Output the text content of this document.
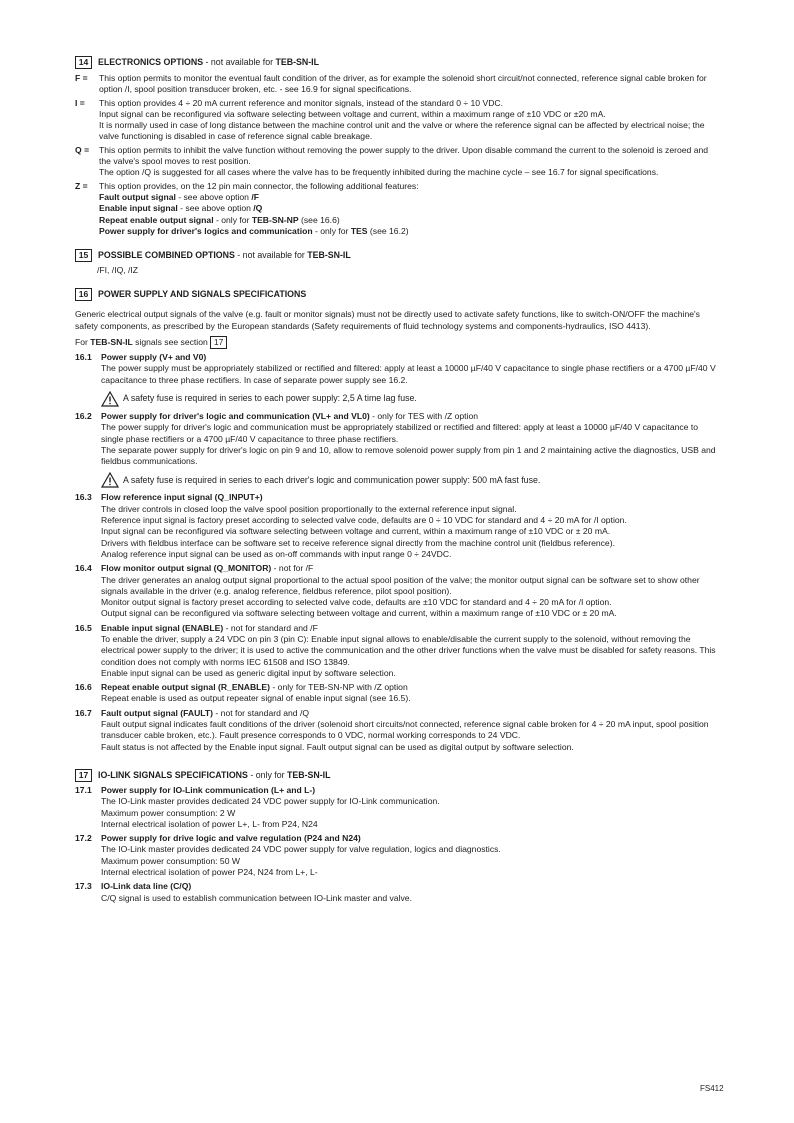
14	ELECTRONICS OPTIONS - not available for TEB-SN-IL
F =	This option permits to monitor the eventual fault condition of the driver, as for example the solenoid short circuit/not connected, reference signal cable broken for option /I, spool position transducer broken, etc. - see 16.9 for signal specifications.

I =	This option provides 4 ÷ 20 mA current reference and monitor signals, instead of the standard 0 ÷ 10 VDC.

Input signal can be reconfigured via software selecting between voltage and current, within a maximum range of ±10 VDC or ±20 mA.

It is normally used in case of long distance between the machine control unit and the valve or where the reference signal can be affected by electrical noise; the valve functioning is disabled in case of reference signal cable breakage.

Q =	This option permits to inhibit the valve function without removing the power supply to the driver. Upon disable command the current to the solenoid is zeroed and the valve's spool moves to rest position.

The option /Q is suggested for all cases where the valve has to be frequently inhibited during the machine cycle – see 16.7 for signal specifications.

Z =	This option provides, on the 12 pin main connector, the following additional features:

Fault output signal - see above option /F

Enable input signal - see above option /Q

Repeat enable output signal - only for TEB-SN-NP (see 16.6)

Power supply for driver's logics and communication - only for TES (see 16.2)

15	POSSIBLE COMBINED OPTIONS - not available for TEB-SN-IL

/FI, /IQ, /IZ

16	POWER SUPPLY AND SIGNALS SPECIFICATIONS

Generic electrical output signals of the valve (e.g. fault or monitor signals) must not be directly used to activate safety functions, like to switch-ON/OFF the machine's safety components, as prescribed by the European standards (Safety requirements of fluid technology systems and components-hydraulics, ISO 4413).

For TEB-SN-IL signals see section 17

16.1	Power supply (V+ and V0)

The power supply must be appropriately stabilized or rectified and filtered: apply at least a 10000 µF/40 V capacitance to single phase rectifiers or a 4700 µF/40 V capacitance to three phase rectifiers. In case of separate power supply see 16.2.

A safety fuse is required in series to each power supply: 2,5 A time lag fuse.
16.2	Power supply for driver's logic and communication (VL+ and VL0) - only for TES with /Z option

The power supply for driver's logic and communication must be appropriately stabilized or rectified and filtered: apply at least a 10000 µF/40 V capacitance to single phase rectifiers or a 4700 µF/40 V capacitance to three phase rectifiers.

The separate power supply for driver's logic on pin 9 and 10, allow to remove solenoid power supply from pin 1 and 2 maintaining active the diagnostics, USB and fieldbus communications.

A safety fuse is required in series to each driver's logic and communication power supply: 500 mA fast fuse.
16.3	Flow reference input signal (Q_INPUT+)

The driver controls in closed loop the valve spool position proportionally to the external reference input signal.

Reference input signal is factory preset according to selected valve code, defaults are 0 ÷ 10 VDC for standard and 4 ÷ 20 mA for /I option.

Input signal can be reconfigured via software selecting between voltage and current, within a maximum range of ±10 VDC or ± 20 mA.

Drivers with fieldbus interface can be software set to receive reference signal directly from the machine control unit (fieldbus reference).

Analog reference input signal can be used as on-off commands with input range 0 ÷ 24VDC.

16.4	Flow monitor output signal (Q_MONITOR) - not for /F

The driver generates an analog output signal proportional to the actual spool position of the valve; the monitor output signal can be software set to show other signals available in the driver (e.g. analog reference, fieldbus reference, pilot spool position).

Monitor output signal is factory preset according to selected valve code, defaults are ±10 VDC for standard and 4 ÷ 20 mA for /I option.

Output signal can be reconfigured via software selecting between voltage and current, within a maximum range of ±10 VDC or ± 20 mA.

16.5	Enable input signal (ENABLE) - not for standard and /F

To enable the driver, supply a 24 VDC on pin 3 (pin C): Enable input signal allows to enable/disable the current supply to the solenoid, without removing the electrical power supply to the driver; it is used to active the communication and the other driver functions when the valve must be disabled for safety reasons. This condition does not comply with norms IEC 61508 and ISO 13849.

Enable input signal can be used as generic digital input by software selection.

16.6	Repeat enable output signal (R_ENABLE) - only for TEB-SN-NP with /Z option

Repeat enable is used as output repeater signal of enable input signal (see 16.5).

16.7	Fault output signal (FAULT) - not for standard and /Q

Fault output signal indicates fault conditions of the driver (solenoid short circuits/not connected, reference signal cable broken for 4 ÷ 20 mA input, spool position transducer cable broken, etc.). Fault presence corresponds to 0 VDC, normal working corresponds to 24 VDC.

Fault status is not affected by the Enable input signal. Fault output signal can be used as digital output by software selection.

17	IO-LINK SIGNALS SPECIFICATIONS - only for TEB-SN-IL
17.1	Power supply for IO-Link communication (L+ and L-)

The IO-Link master provides dedicated 24 VDC power supply for IO-Link communication.

Maximum power consumption: 2 W

Internal electrical isolation of power L+, L- from P24, N24

17.2	Power supply for drive logic and valve regulation (P24 and N24)

The IO-Link master provides dedicated 24 VDC power supply for valve regulation, logics and diagnostics.

Maximum power consumption: 50 W

Internal electrical isolation of power P24, N24 from L+, L-

17.3	IO-Link data line (C/Q)

C/Q signal is used to establish communication between IO-Link master and valve.

FS412
